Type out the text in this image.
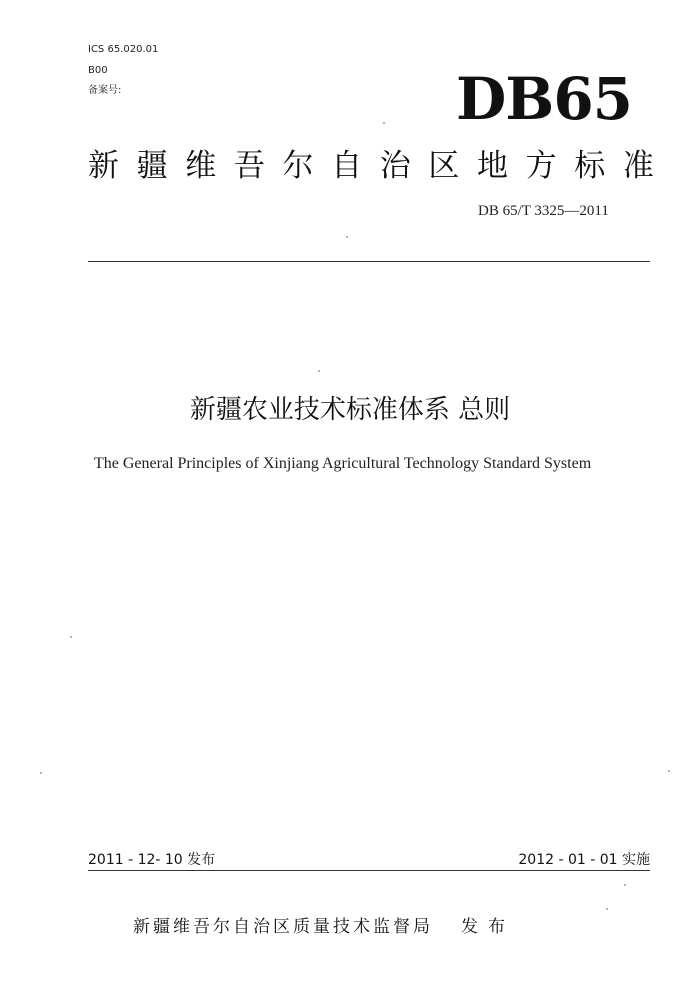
ICS 65.020.01
B00
备案号:	DB65
新 疆 维 吾 尔 自 治 区 地 方 标 准
DB 65/T 3325—2011
新疆农业技术标准体系 总则
The General Principles of Xinjiang Agricultural Technology Standard System
2011 - 12- 10 发布	2012 - 01 - 01 实施
新疆维吾尔自治区质量技术监督局 发布
